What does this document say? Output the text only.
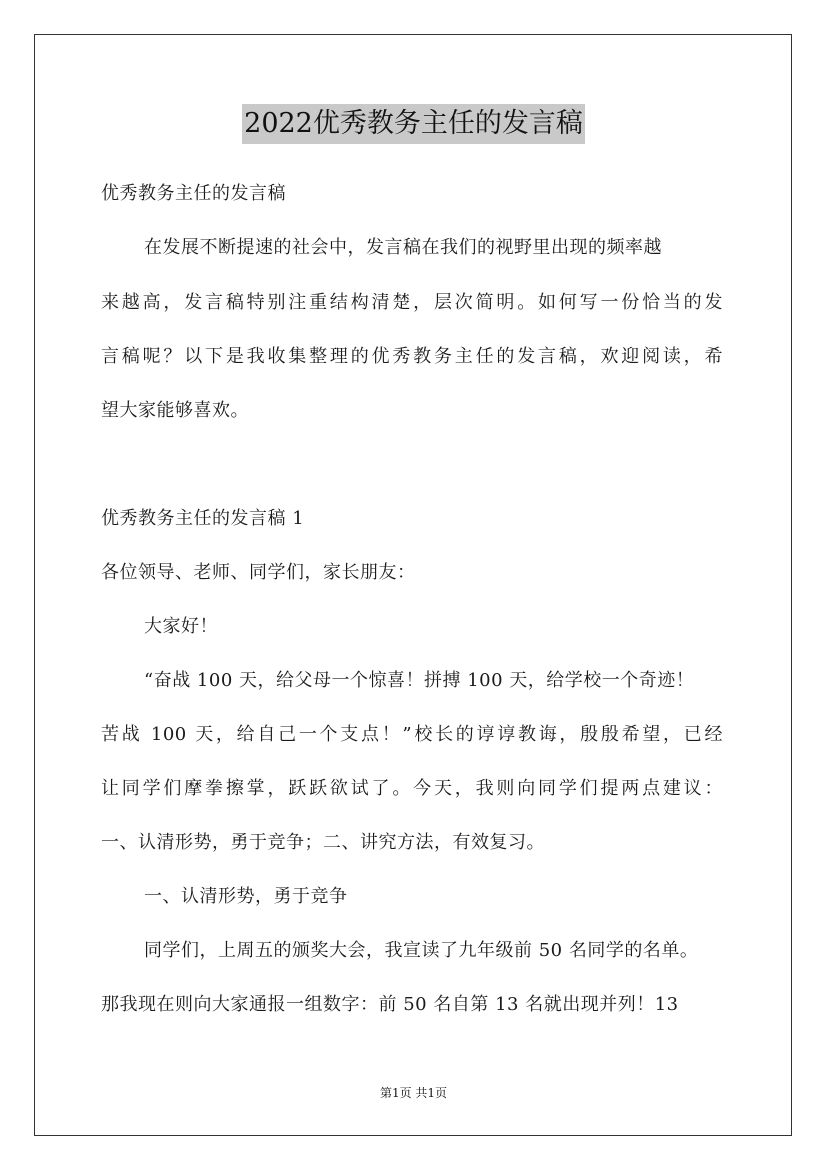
2022优秀教务主任的发言稿
优秀教务主任的发言稿
在发展不断提速的社会中，发言稿在我们的视野里出现的频率越
来越高，发言稿特别注重结构清楚，层次简明。如何写一份恰当的发
言稿呢？以下是我收集整理的优秀教务主任的发言稿，欢迎阅读，希
望大家能够喜欢。
优秀教务主任的发言稿 1
各位领导、老师、同学们，家长朋友：
大家好！
“奋战 100 天，给父母一个惊喜！拼搏 100 天，给学校一个奇迹！
苦战 100 天，给自己一个支点！”校长的谆谆教诲，殷殷希望，已经
让同学们摩拳擦掌，跃跃欲试了。今天，我则向同学们提两点建议：
一、认清形势，勇于竞争；二、讲究方法，有效复习。
一、认清形势，勇于竞争
同学们，上周五的颁奖大会，我宣读了九年级前 50 名同学的名单。
那我现在则向大家通报一组数字：前 50 名自第 13 名就出现并列！13
第1页 共1页
